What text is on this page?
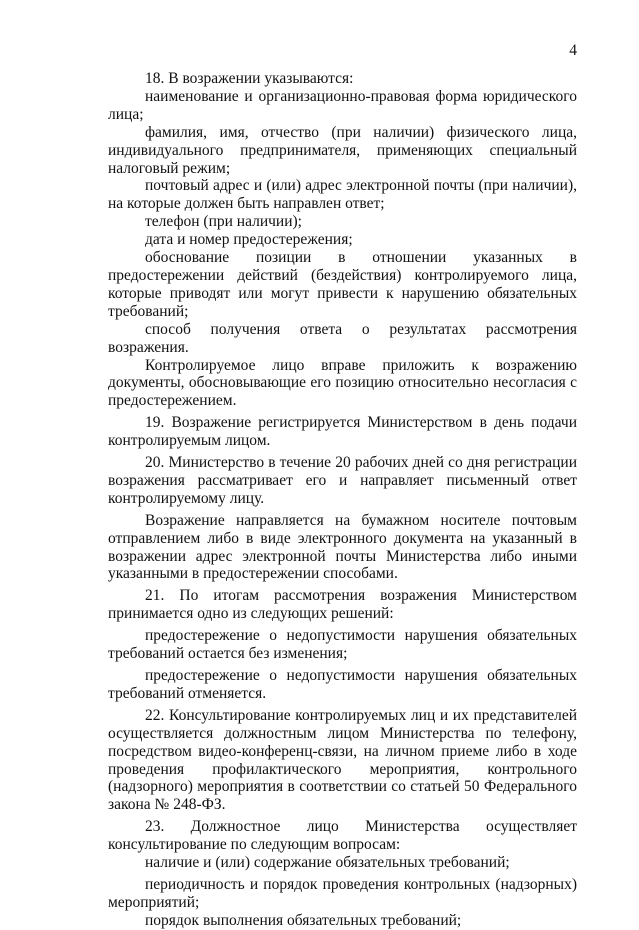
4

18. В возражении указываются:

наименование и организационно-правовая форма юридического лица;

фамилия, имя, отчество (при наличии) физического лица, индивидуального предпринимателя, применяющих специальный налоговый режим;

почтовый адрес и (или) адрес электронной почты (при наличии), на которые должен быть направлен ответ;

телефон (при наличии);

дата и номер предостережения;

обоснование позиции в отношении указанных в предостережении действий (бездействия) контролируемого лица, которые приводят или могут привести к нарушению обязательных требований;

способ получения ответа о результатах рассмотрения возражения.

Контролируемое лицо вправе приложить к возражению документы, обосновывающие его позицию относительно несогласия с предостережением.

19. Возражение регистрируется Министерством в день подачи контролируемым лицом.

20. Министерство в течение 20 рабочих дней со дня регистрации возражения рассматривает его и направляет письменный ответ контролируемому лицу.

Возражение направляется на бумажном носителе почтовым отправлением либо в виде электронного документа на указанный в возражении адрес электронной почты Министерства либо иными указанными в предостережении способами.

21. По итогам рассмотрения возражения Министерством принимается одно из следующих решений:

предостережение о недопустимости нарушения обязательных требований остается без изменения;

предостережение о недопустимости нарушения обязательных требований отменяется.

22. Консультирование контролируемых лиц и их представителей осуществляется должностным лицом Министерства по телефону, посредством видео-конференц-связи, на личном приеме либо в ходе проведения профилактического мероприятия, контрольного (надзорного) мероприятия в соответствии со статьей 50 Федерального закона № 248-ФЗ.

23. Должностное лицо Министерства осуществляет консультирование по следующим вопросам:

наличие и (или) содержание обязательных требований;

периодичность и порядок проведения контрольных (надзорных) мероприятий;

порядок выполнения обязательных требований;
